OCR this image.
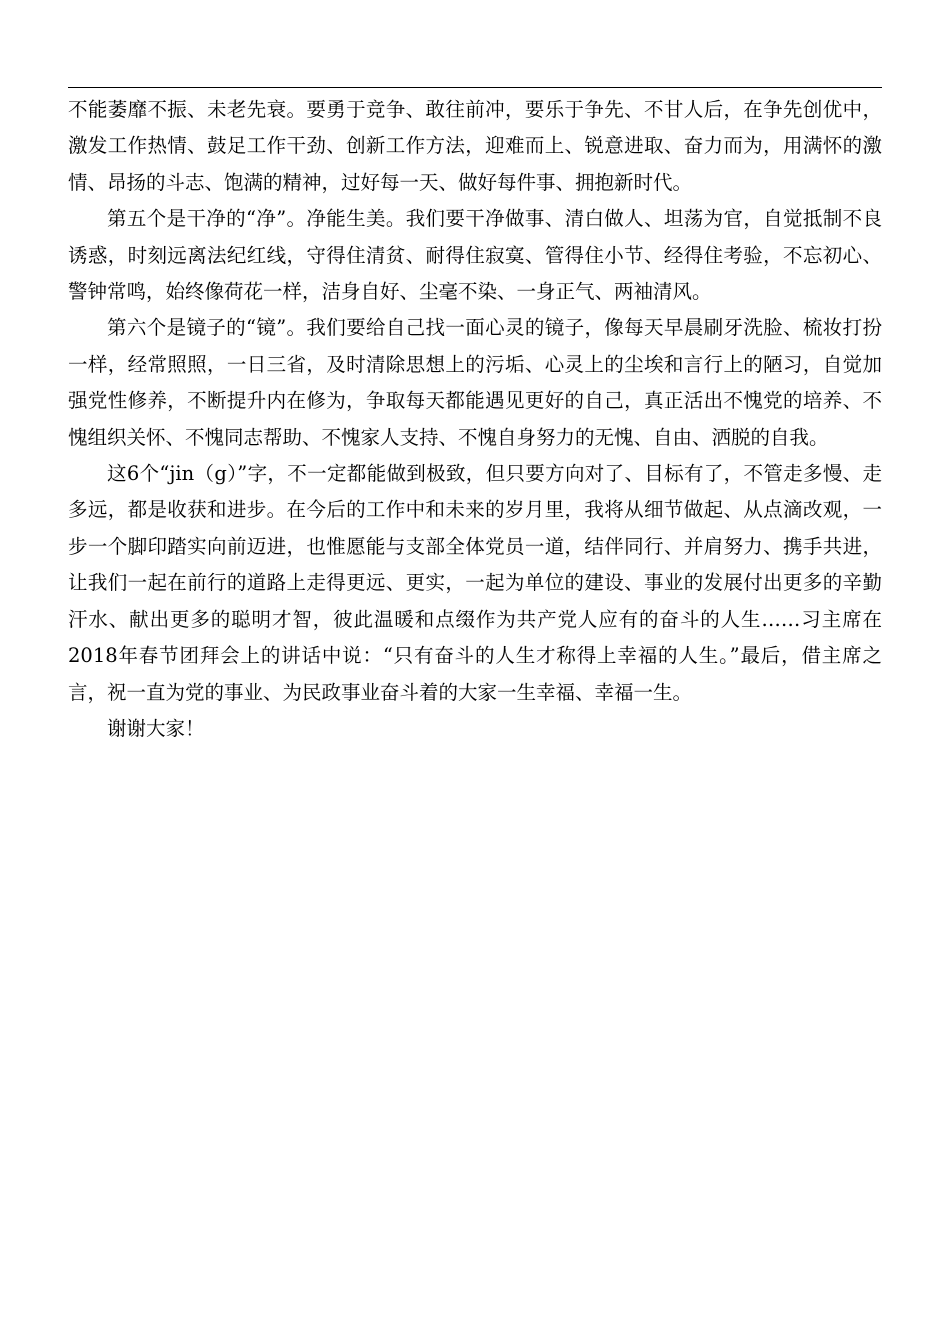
不能萎靡不振、未老先衰。要勇于竞争、敢往前冲，要乐于争先、不甘人后，在争先创优中，激发工作热情、鼓足工作干劲、创新工作方法，迎难而上、锐意进取、奋力而为，用满怀的激情、昂扬的斗志、饱满的精神，过好每一天、做好每件事、拥抱新时代。

第五个是干净的“净”。净能生美。我们要干净做事、清白做人、坦荡为官，自觉抵制不良诱惑，时刻远离法纪红线，守得住清贫、耐得住寂寞、管得住小节、经得住考验，不忘初心、警钟常鸣，始终像荷花一样，洁身自好、尘毫不染、一身正气、两袖清风。

第六个是镜子的“镜”。我们要给自己找一面心灵的镜子，像每天早晨刷牙洗脸、梳妆打扮一样，经常照照，一日三省，及时清除思想上的污垢、心灵上的尘埃和言行上的陋习，自觉加强党性修养，不断提升内在修为，争取每天都能遇见更好的自己，真正活出不愧党的培养、不愧组织关怀、不愧同志帮助、不愧家人支持、不愧自身努力的无愧、自由、洒脱的自我。

这6个“jin（g）”字，不一定都能做到极致，但只要方向对了、目标有了，不管走多慢、走多远，都是收获和进步。在今后的工作中和未来的岁月里，我将从细节做起、从点滴改观，一步一个脚印踏实向前迈进，也惟愿能与支部全体党员一道，结伴同行、并肩努力、携手共进，让我们一起在前行的道路上走得更远、更实，一起为单位的建设、事业的发展付出更多的辛勤汗水、献出更多的聪明才智，彼此温暖和点缀作为共产党人应有的奋斗的人生……习主席在2018年春节团拜会上的讲话中说：“只有奋斗的人生才称得上幸福的人生。”最后，借主席之言，祝一直为党的事业、为民政事业奋斗着的大家一生幸福、幸福一生。

谢谢大家！
